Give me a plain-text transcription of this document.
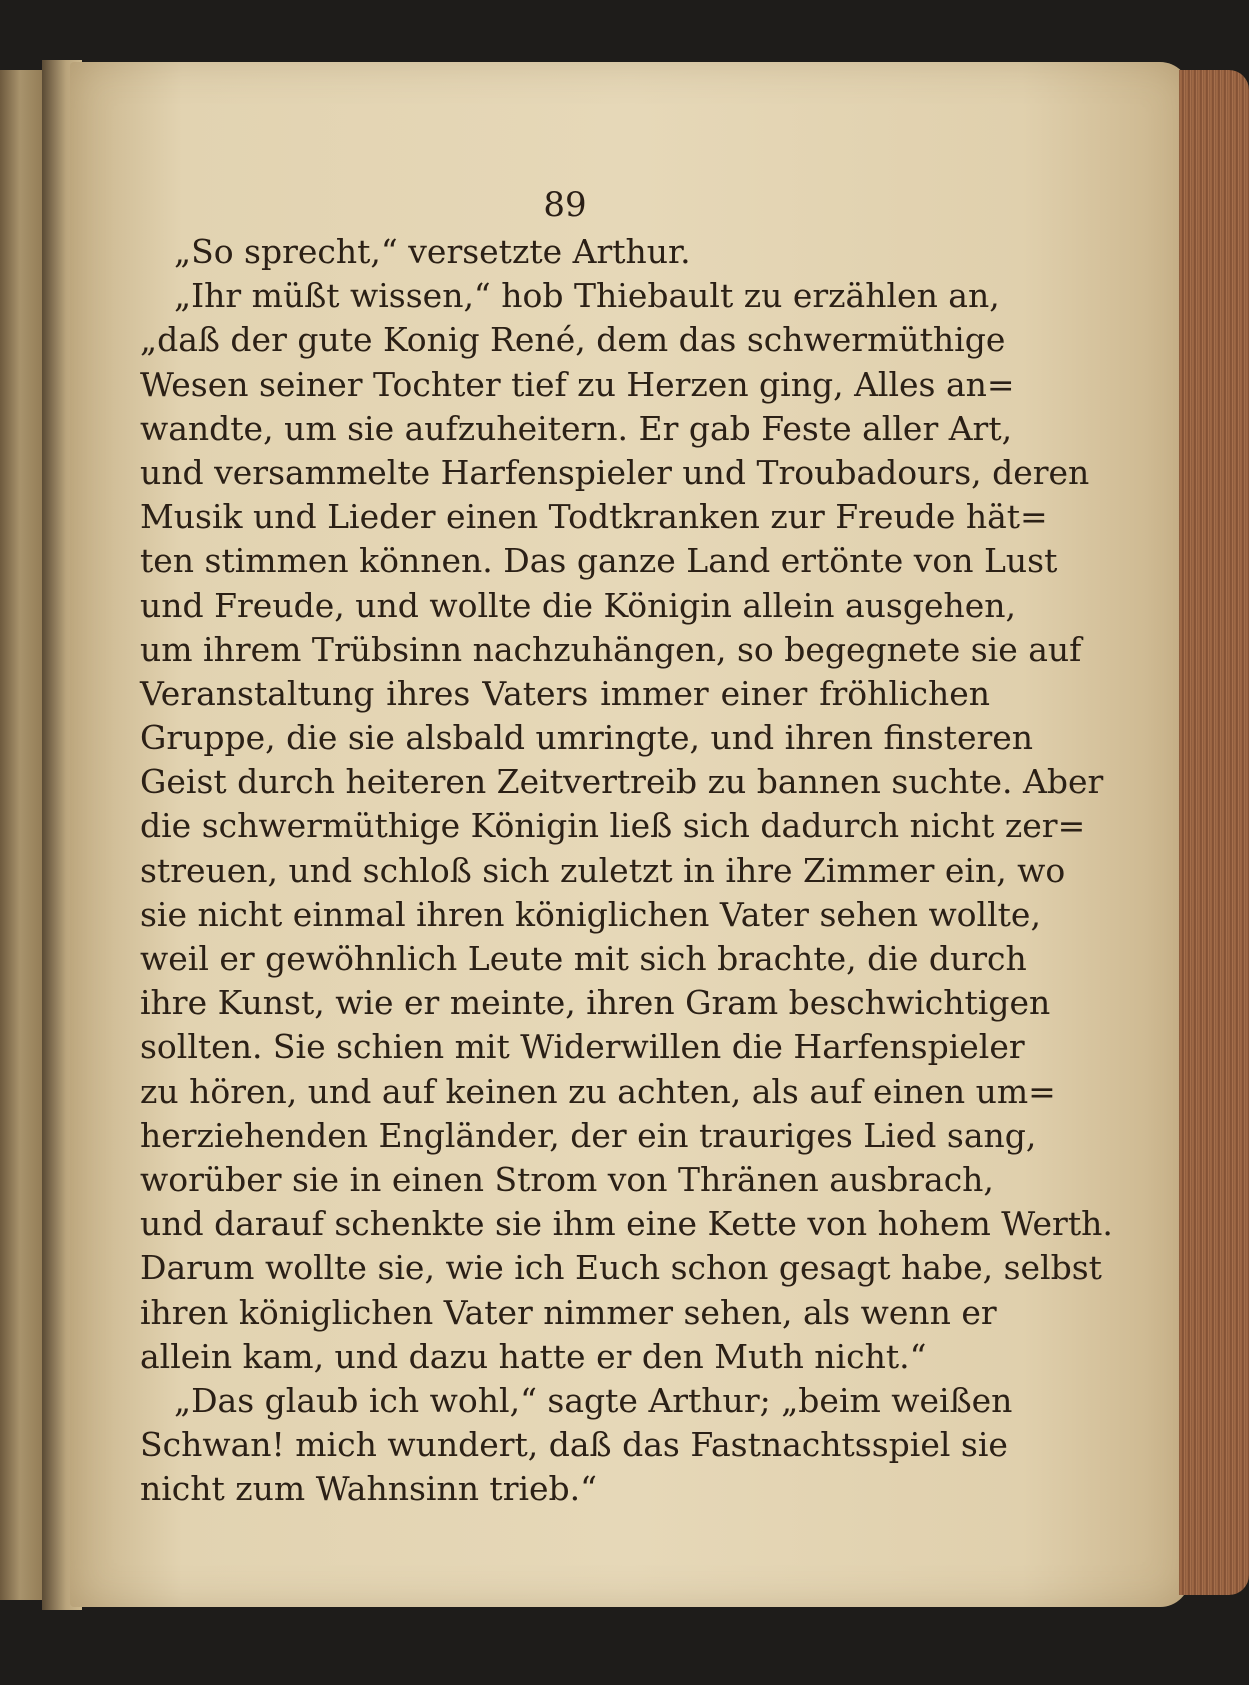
89
„So sprecht,“ versetzte Arthur.
„Ihr müßt wissen,“ hob Thiebault zu erzählen an,
„daß der gute Konig René, dem das schwermüthige
Wesen seiner Tochter tief zu Herzen ging, Alles an=
wandte, um sie aufzuheitern. Er gab Feste aller Art,
und versammelte Harfenspieler und Troubadours, deren
Musik und Lieder einen Todtkranken zur Freude hät=
ten stimmen können. Das ganze Land ertönte von Lust
und Freude, und wollte die Königin allein ausgehen,
um ihrem Trübsinn nachzuhängen, so begegnete sie auf
Veranstaltung ihres Vaters immer einer fröhlichen
Gruppe, die sie alsbald umringte, und ihren finsteren
Geist durch heiteren Zeitvertreib zu bannen suchte. Aber
die schwermüthige Königin ließ sich dadurch nicht zer=
streuen, und schloß sich zuletzt in ihre Zimmer ein, wo
sie nicht einmal ihren königlichen Vater sehen wollte,
weil er gewöhnlich Leute mit sich brachte, die durch
ihre Kunst, wie er meinte, ihren Gram beschwichtigen
sollten. Sie schien mit Widerwillen die Harfenspieler
zu hören, und auf keinen zu achten, als auf einen um=
herziehenden Engländer, der ein trauriges Lied sang,
worüber sie in einen Strom von Thränen ausbrach,
und darauf schenkte sie ihm eine Kette von hohem Werth.
Darum wollte sie, wie ich Euch schon gesagt habe, selbst
ihren königlichen Vater nimmer sehen, als wenn er
allein kam, und dazu hatte er den Muth nicht.“
„Das glaub ich wohl,“ sagte Arthur; „beim weißen
Schwan! mich wundert, daß das Fastnachtsspiel sie
nicht zum Wahnsinn trieb.“
